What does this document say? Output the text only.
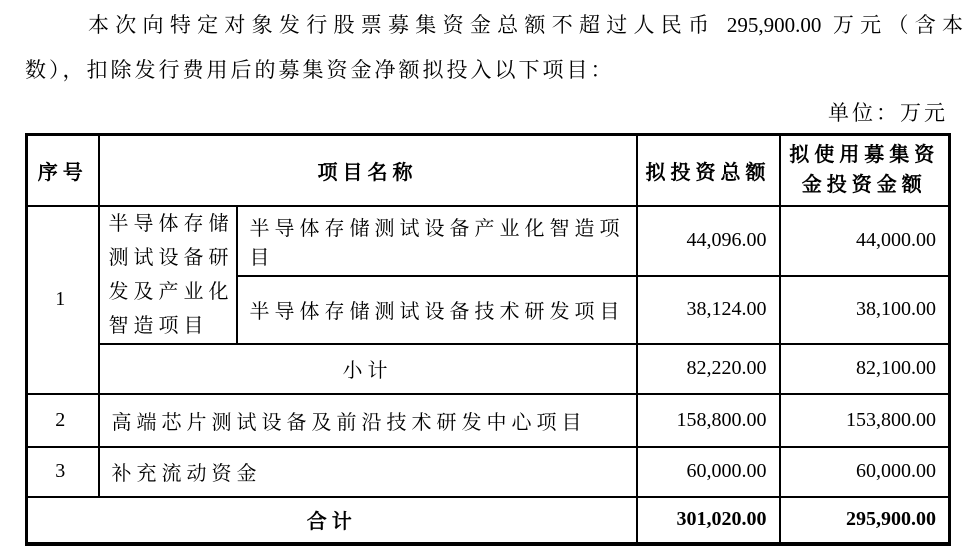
本次向特定对象发行股票募集资金总额不超过人民币 295,900.00 万元（含本
数），扣除发行费用后的募集资金净额拟投入以下项目：
单位：万元
序号	项目名称		拟投资总额	拟使用募集资金投资金额
1	半导体存储测试设备研发及产业化智造项目	半导体存储测试设备产业化智造项目	44,096.00	44,000.00
		半导体存储测试设备技术研发项目	38,124.00	38,100.00
	小计		82,220.00	82,100.00
2	高端芯片测试设备及前沿技术研发中心项目		158,800.00	153,800.00
3	补充流动资金		60,000.00	60,000.00
合计			301,020.00	295,900.00
